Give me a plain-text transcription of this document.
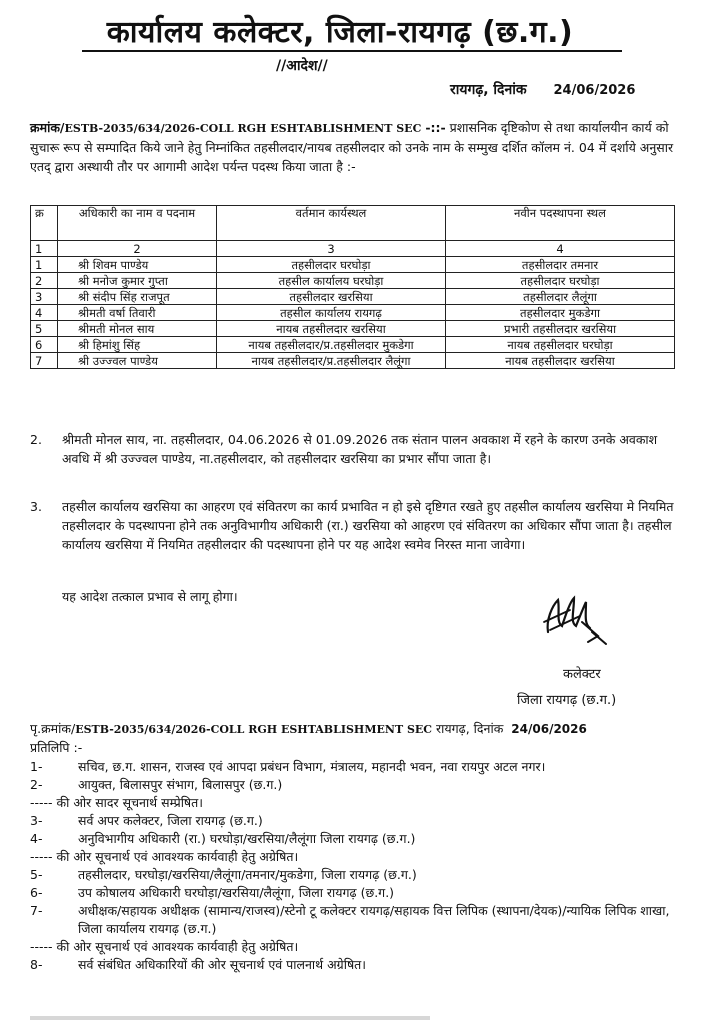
कार्यालय कलेक्टर, जिला-रायगढ़ (छ.ग.)
//आदेश//
रायगढ़, दिनांक 24/06/2026
क्रमांक/ESTB-2035/634/2026-COLL RGH ESHTABLISHMENT SEC -::- प्रशासनिक दृष्टिकोण से तथा कार्यालयीन कार्य को सुचारू रूप से सम्पादित किये जाने हेतु निम्नांकित तहसीलदार/नायब तहसीलदार को उनके नाम के सम्मुख दर्शित कॉलम नं. 04 में दर्शाये अनुसार एतद् द्वारा अस्थायी तौर पर आगामी आदेश पर्यन्त पदस्थ किया जाता है :-
क्र	अधिकारी का नाम व पदनाम	वर्तमान कार्यस्थल	नवीन पदस्थापना स्थल
1	2	3	4
1	श्री शिवम पाण्डेय	तहसीलदार घरघोड़ा	तहसीलदार तमनार
2	श्री मनोज कुमार गुप्ता	तहसील कार्यालय घरघोड़ा	तहसीलदार घरघोड़ा
3	श्री संदीप सिंह राजपूत	तहसीलदार खरसिया	तहसीलदार लैलूंगा
4	श्रीमती वर्षा तिवारी	तहसील कार्यालय रायगढ़	तहसीलदार मुकडेगा
5	श्रीमती मोनल साय	नायब तहसीलदार खरसिया	प्रभारी तहसीलदार खरसिया
6	श्री हिमांशु सिंह	नायब तहसीलदार/प्र.तहसीलदार मुकडेगा	नायब तहसीलदार घरघोड़ा
7	श्री उज्ज्वल पाण्डेय	नायब तहसीलदार/प्र.तहसीलदार लैलूंगा	नायब तहसीलदार खरसिया
2.	श्रीमती मोनल साय, ना. तहसीलदार, 04.06.2026 से 01.09.2026 तक संतान पालन अवकाश में रहने के कारण उनके अवकाश अवधि में श्री उज्ज्वल पाण्डेय, ना.तहसीलदार, को तहसीलदार खरसिया का प्रभार सौंपा जाता है।
3.	तहसील कार्यालय खरसिया का आहरण एवं संवितरण का कार्य प्रभावित न हो इसे दृष्टिगत रखते हुए तहसील कार्यालय खरसिया मे नियमित तहसीलदार के पदस्थापना होने तक अनुविभागीय अधिकारी (रा.) खरसिया को आहरण एवं संवितरण का अधिकार सौंपा जाता है। तहसील कार्यालय खरसिया में नियमित तहसीलदार की पदस्थापना होने पर यह आदेश स्वमेव निरस्त माना जावेगा।
यह आदेश तत्काल प्रभाव से लागू होगा।
कलेक्टर
जिला रायगढ़ (छ.ग.)
पृ.क्रमांक/ESTB-2035/634/2026-COLL RGH ESHTABLISHMENT SEC रायगढ़, दिनांक 24/06/2026
प्रतिलिपि :-
1-	सचिव, छ.ग. शासन, राजस्व एवं आपदा प्रबंधन विभाग, मंत्रालय, महानदी भवन, नवा रायपुर अटल नगर।
2-	आयुक्त, बिलासपुर संभाग, बिलासपुर (छ.ग.)
----- की ओर सादर सूचनार्थ सम्प्रेषित।
3-	सर्व अपर कलेक्टर, जिला रायगढ़ (छ.ग.)
4-	अनुविभागीय अधिकारी (रा.) घरघोड़ा/खरसिया/लैलूंगा जिला रायगढ़ (छ.ग.)
----- की ओर सूचनार्थ एवं आवश्यक कार्यवाही हेतु अग्रेषित।
5-	तहसीलदार, घरघोड़ा/खरसिया/लैलूंगा/तमनार/मुकडेगा, जिला रायगढ़ (छ.ग.)
6-	उप कोषालय अधिकारी घरघोड़ा/खरसिया/लैलूंगा, जिला रायगढ़ (छ.ग.)
7-	अधीक्षक/सहायक अधीक्षक (सामान्य/राजस्व)/स्टेनो टू कलेक्टर रायगढ़/सहायक वित्त लिपिक (स्थापना/देयक)/न्यायिक लिपिक शाखा, जिला कार्यालय रायगढ़ (छ.ग.)
----- की ओर सूचनार्थ एवं आवश्यक कार्यवाही हेतु अग्रेषित।
8-	सर्व संबंधित अधिकारियों की ओर सूचनार्थ एवं पालनार्थ अग्रेषित।
